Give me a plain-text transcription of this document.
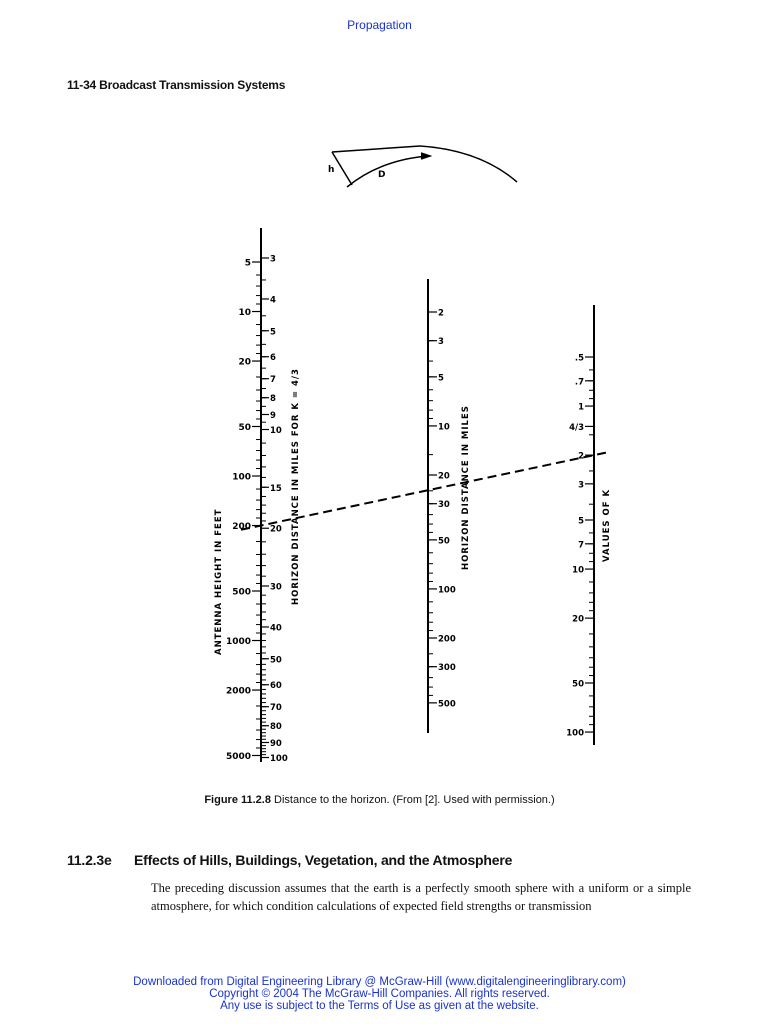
Propagation
11-34 Broadcast Transmission Systems
h	D
ANTENNA HEIGHT IN FEET	HORIZON DISTANCE IN MILES FOR K = 4/3	HORIZON DISTANCE IN MILES	VALUES OF K
5
10
20
50
100
200
500
1000
2000
5000
3
4
5
6
7
8
9
10
15
20
30
40
50
60
70
80
90
100
2
3
5
10
20
30
50
100
200
300
500
.5
.7
1
4/3
2
3
5
7
10
20
50
100
Figure 11.2.8 Distance to the horizon. (From [2]. Used with permission.)
11.2.3e Effects of Hills, Buildings, Vegetation, and the Atmosphere
The preceding discussion assumes that the earth is a perfectly smooth sphere with a uniform or a simple atmosphere, for which condition calculations of expected field strengths or transmission
Downloaded from Digital Engineering Library @ McGraw-Hill (www.digitalengineeringlibrary.com)
Copyright © 2004 The McGraw-Hill Companies. All rights reserved.
Any use is subject to the Terms of Use as given at the website.
